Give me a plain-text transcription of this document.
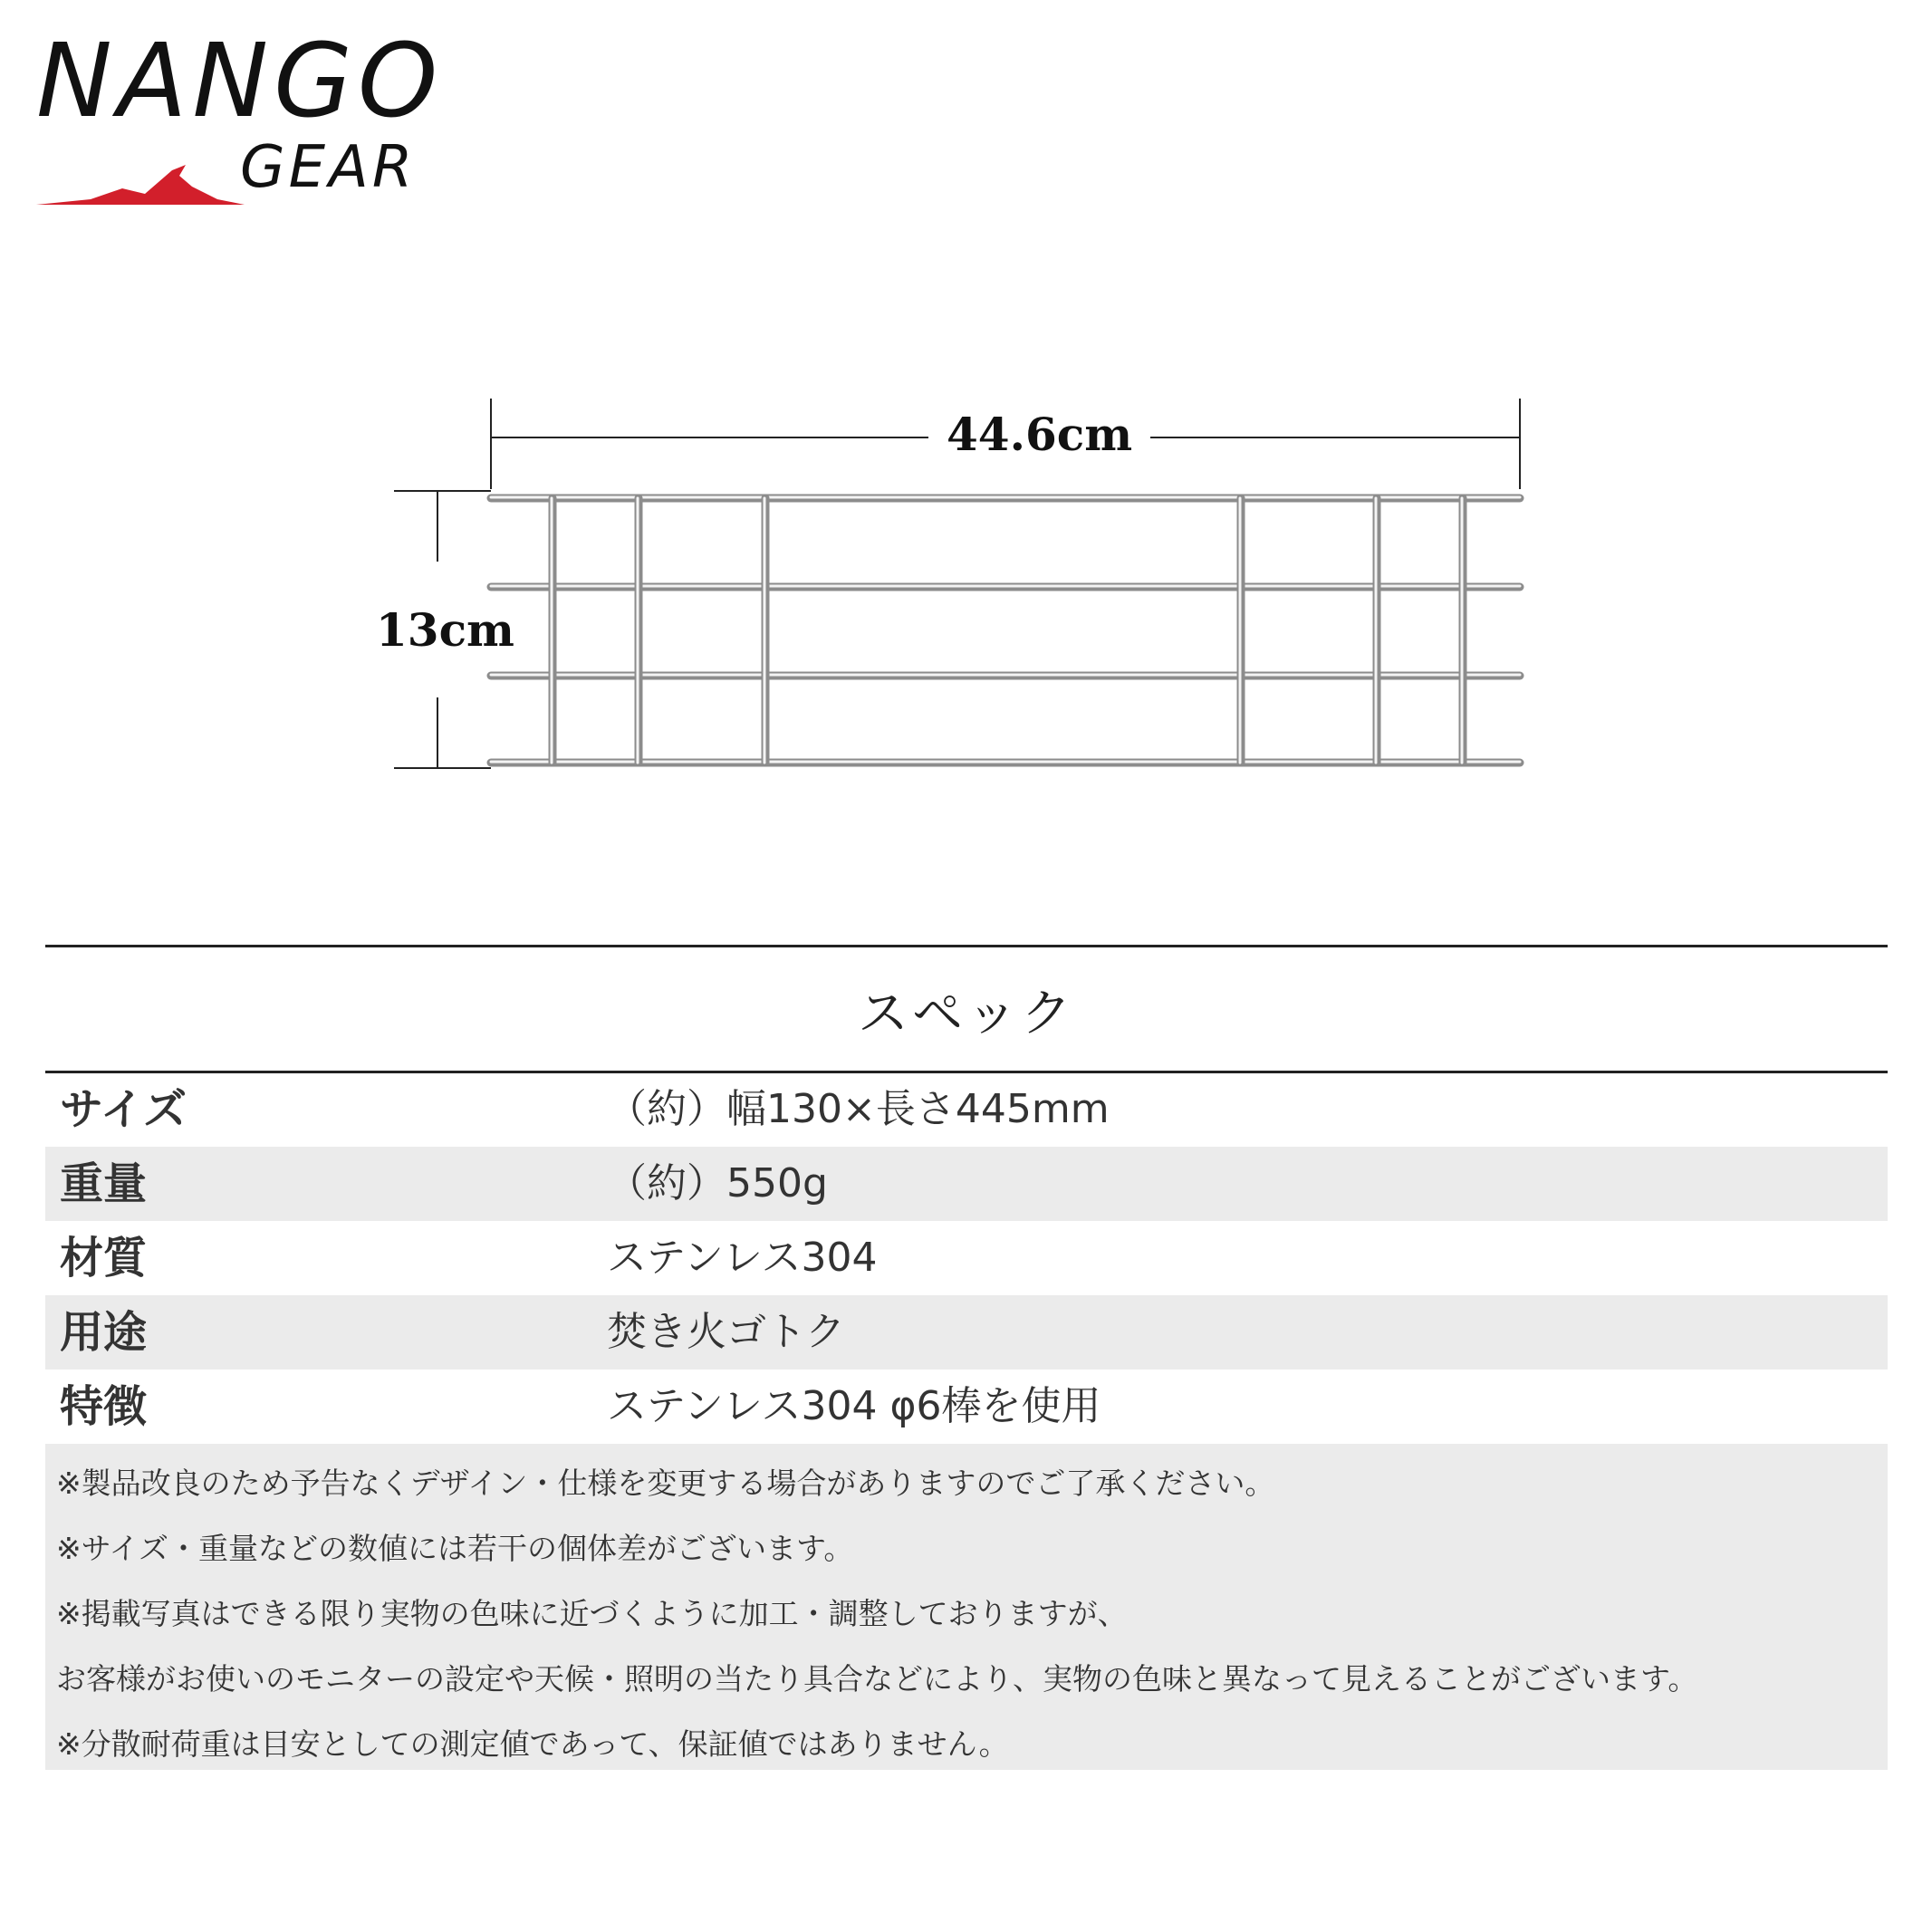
NANGO
GEAR
44.6cm
13cm
スペック
サイズ	（約）幅130×長さ445mm
重量	（約）550g
材質	ステンレス304
用途	焚き火ゴトク
特徴	ステンレス304 φ6棒を使用
※製品改良のため予告なくデザイン・仕様を変更する場合がありますのでご了承ください。
※サイズ・重量などの数値には若干の個体差がございます。
※掲載写真はできる限り実物の色味に近づくように加工・調整しておりますが、
お客様がお使いのモニターの設定や天候・照明の当たり具合などにより、実物の色味と異なって見えることがございます。
※分散耐荷重は目安としての測定値であって、保証値ではありません。
